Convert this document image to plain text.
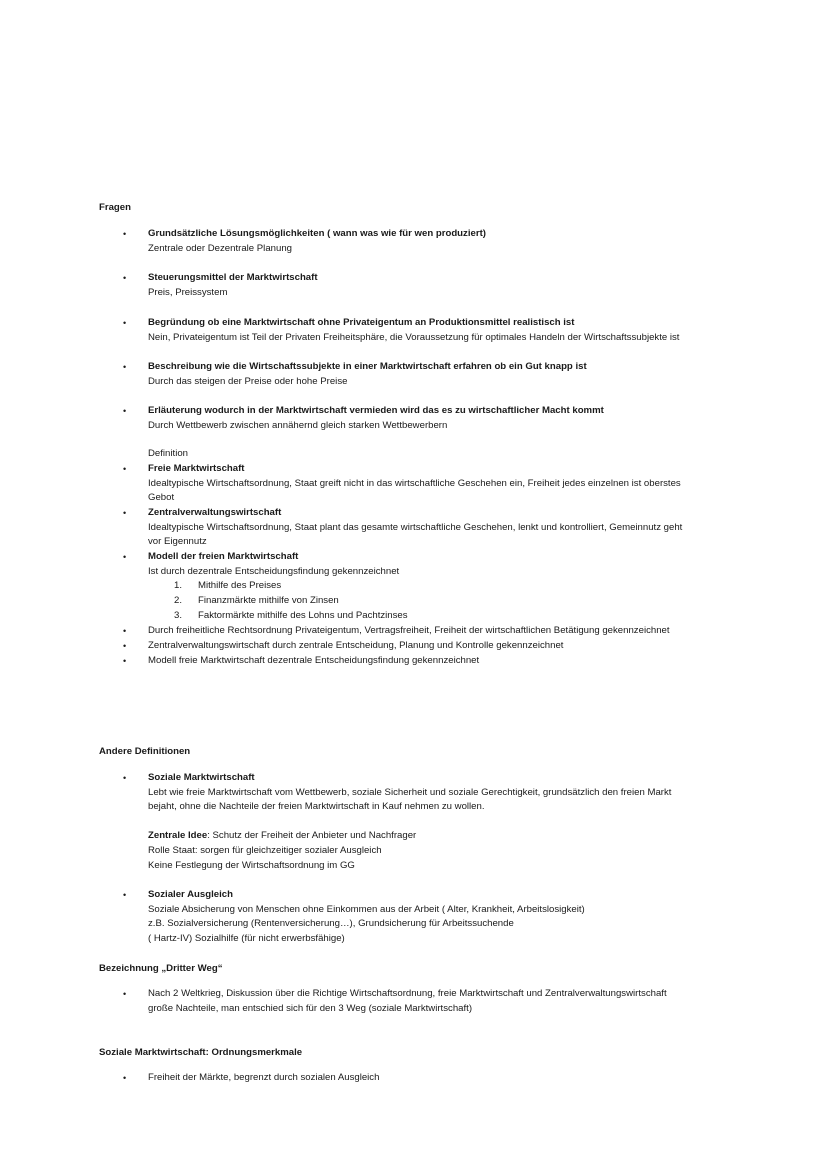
Fragen
• Grundsätzliche Lösungsmöglichkeiten ( wann was wie für wen produziert)
Zentrale oder Dezentrale Planung
• Steuerungsmittel der Marktwirtschaft
Preis, Preissystem
• Begründung ob eine Marktwirtschaft ohne Privateigentum an Produktionsmittel realistisch ist
Nein, Privateigentum ist Teil der Privaten Freiheitsphäre, die Voraussetzung für optimales Handeln der Wirtschaftssubjekte ist
• Beschreibung wie die Wirtschaftssubjekte in einer Marktwirtschaft erfahren ob ein Gut knapp ist
Durch das steigen der Preise oder hohe Preise
• Erläuterung wodurch in der Marktwirtschaft vermieden wird das es zu wirtschaftlicher Macht kommt
Durch Wettbewerb zwischen annähernd gleich starken Wettbewerbern
Definition
• Freie Marktwirtschaft
Idealtypische Wirtschaftsordnung, Staat greift nicht in das wirtschaftliche Geschehen ein, Freiheit jedes einzelnen ist oberstes
Gebot
• Zentralverwaltungswirtschaft
Idealtypische Wirtschaftsordnung, Staat plant das gesamte wirtschaftliche Geschehen, lenkt und kontrolliert, Gemeinnutz geht
vor Eigennutz
• Modell der freien Marktwirtschaft
Ist durch dezentrale Entscheidungsfindung gekennzeichnet
1. Mithilfe des Preises
2. Finanzmärkte mithilfe von Zinsen
3. Faktormärkte mithilfe des Lohns und Pachtzinses
• Durch freiheitliche Rechtsordnung Privateigentum, Vertragsfreiheit, Freiheit der wirtschaftlichen Betätigung gekennzeichnet
• Zentralverwaltungswirtschaft durch zentrale Entscheidung, Planung und Kontrolle gekennzeichnet
• Modell freie Marktwirtschaft dezentrale Entscheidungsfindung gekennzeichnet
Andere Definitionen
• Soziale Marktwirtschaft
Lebt wie freie Marktwirtschaft vom Wettbewerb, soziale Sicherheit und soziale Gerechtigkeit, grundsätzlich den freien Markt
bejaht, ohne die Nachteile der freien Marktwirtschaft in Kauf nehmen zu wollen.
Zentrale Idee: Schutz der Freiheit der Anbieter und Nachfrager
Rolle Staat: sorgen für gleichzeitiger sozialer Ausgleich
Keine Festlegung der Wirtschaftsordnung im GG
• Sozialer Ausgleich
Soziale Absicherung von Menschen ohne Einkommen aus der Arbeit ( Alter, Krankheit, Arbeitslosigkeit)
z.B. Sozialversicherung (Rentenversicherung…), Grundsicherung für Arbeitssuchende
( Hartz-IV) Sozialhilfe (für nicht erwerbsfähige)
Bezeichnung „Dritter Weg“
• Nach 2 Weltkrieg, Diskussion über die Richtige Wirtschaftsordnung, freie Marktwirtschaft und Zentralverwaltungswirtschaft
große Nachteile, man entschied sich für den 3 Weg (soziale Marktwirtschaft)
Soziale Marktwirtschaft: Ordnungsmerkmale
• Freiheit der Märkte, begrenzt durch sozialen Ausgleich
